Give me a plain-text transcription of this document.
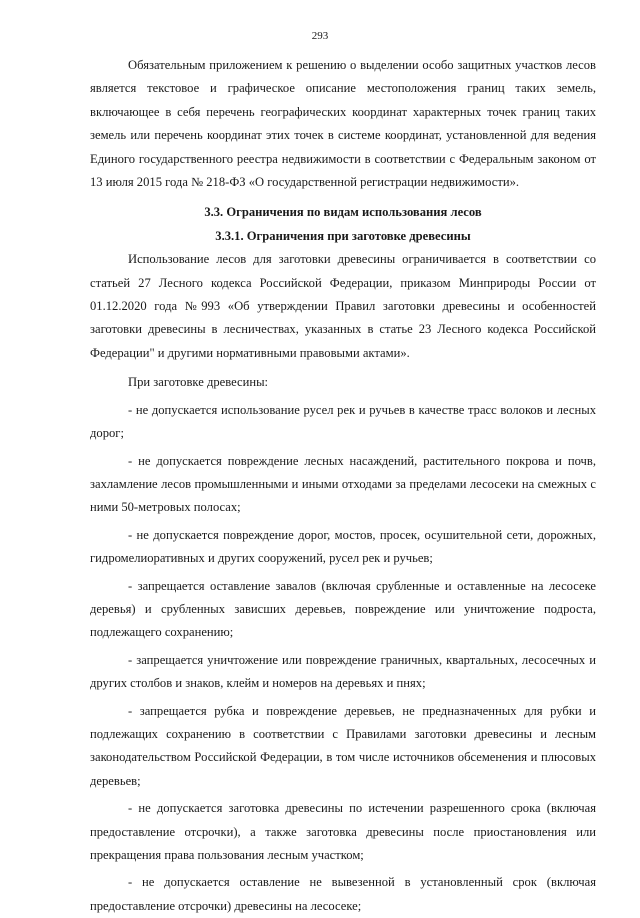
293

Обязательным приложением к решению о выделении особо защитных участков лесов является текстовое и графическое описание местоположения границ таких земель, включающее в себя перечень географических координат характерных точек границ таких земель или перечень координат этих точек в системе координат, установленной для ведения Единого государственного реестра недвижимости в соответствии с Федеральным законом от 13 июля 2015 года № 218-ФЗ «О государственной регистрации недвижимости».

3.3. Ограничения по видам использования лесов

3.3.1. Ограничения при заготовке древесины

Использование лесов для заготовки древесины ограничивается в соответствии со статьей 27 Лесного кодекса Российской Федерации, приказом Минприроды России от 01.12.2020 года №993 «Об утверждении Правил заготовки древесины и особенностей заготовки древесины в лесничествах, указанных в статье 23 Лесного кодекса Российской Федерации" и другими нормативными правовыми актами».

При заготовке древесины:

- не допускается использование русел рек и ручьев в качестве трасс волоков и лесных дорог;

- не допускается повреждение лесных насаждений, растительного покрова и почв, захламление лесов промышленными и иными отходами за пределами лесосеки на смежных с ними 50-метровых полосах;

- не допускается повреждение дорог, мостов, просек, осушительной сети, дорожных, гидромелиоративных и других сооружений, русел рек и ручьев;

- запрещается оставление завалов (включая срубленные и оставленные на лесосеке деревья) и срубленных зависших деревьев, повреждение или уничтожение подроста, подлежащего сохранению;

- запрещается уничтожение или повреждение граничных, квартальных, лесосечных и других столбов и знаков, клейм и номеров на деревьях и пнях;

- запрещается рубка и повреждение деревьев, не предназначенных для рубки и подлежащих сохранению в соответствии с Правилами заготовки древесины и лесным законодательством Российской Федерации, в том числе источников обсеменения и плюсовых деревьев;

- не допускается заготовка древесины по истечении разрешенного срока (включая предоставление отсрочки), а также заготовка древесины после приостановления или прекращения права пользования лесным участком;

- не допускается оставление не вывезенной в установленный срок (включая предоставление отсрочки) древесины на лесосеке;
